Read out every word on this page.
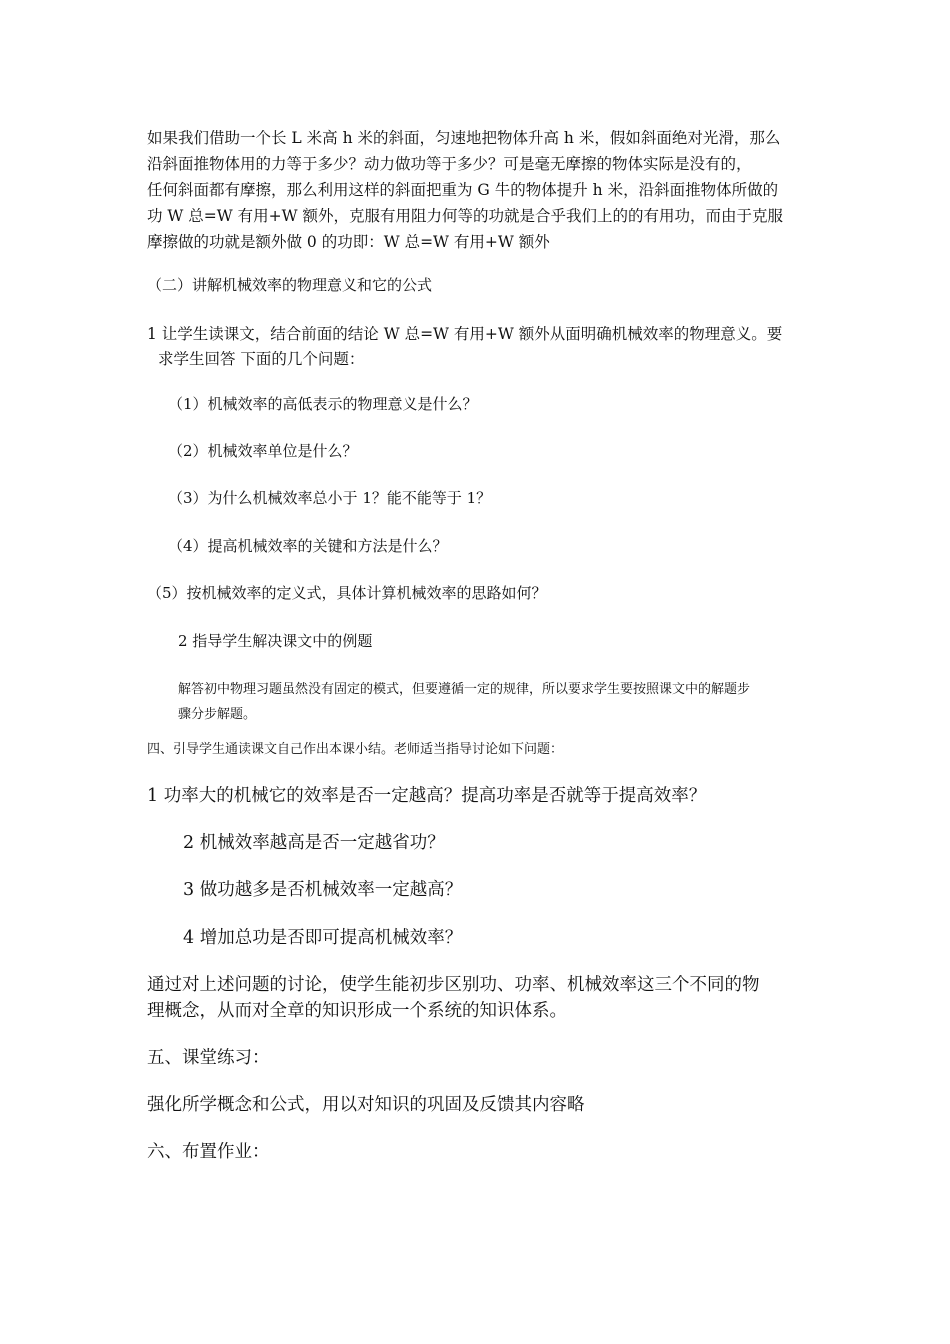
如果我们借助一个长 L 米高 h 米的斜面，匀速地把物体升高 h 米，假如斜面绝对光滑，那么

沿斜面推物体用的力等于多少？动力做功等于多少？可是毫无摩擦的物体实际是没有的，

任何斜面都有摩擦，那么利用这样的斜面把重为 G 牛的物体提升 h 米，沿斜面推物体所做的

功 W 总=W 有用+W 额外，克服有用阻力何等的功就是合乎我们上的的有用功，而由于克服

摩擦做的功就是额外做 0 的功即：W 总=W 有用+W 额外

（二）讲解机械效率的物理意义和它的公式

1 让学生读课文，结合前面的结论 W 总=W 有用+W 额外从面明确机械效率的物理意义。要

求学生回答 下面的几个问题：

（1）机械效率的高低表示的物理意义是什么？

（2）机械效率单位是什么？

（3）为什么机械效率总小于 1？能不能等于 1？

（4）提高机械效率的关键和方法是什么？

（5）按机械效率的定义式，具体计算机械效率的思路如何？

2 指导学生解决课文中的例题

解答初中物理习题虽然没有固定的模式，但要遵循一定的规律，所以要求学生要按照课文中的解题步

骤分步解题。

四、引导学生通读课文自己作出本课小结。老师适当指导讨论如下问题：

1 功率大的机械它的效率是否一定越高？提高功率是否就等于提高效率？

2 机械效率越高是否一定越省功？

3 做功越多是否机械效率一定越高？

4 增加总功是否即可提高机械效率？

通过对上述问题的讨论，使学生能初步区别功、功率、机械效率这三个不同的物

理概念，从而对全章的知识形成一个系统的知识体系。

五、课堂练习：

强化所学概念和公式，用以对知识的巩固及反馈其内容略

六、布置作业：
